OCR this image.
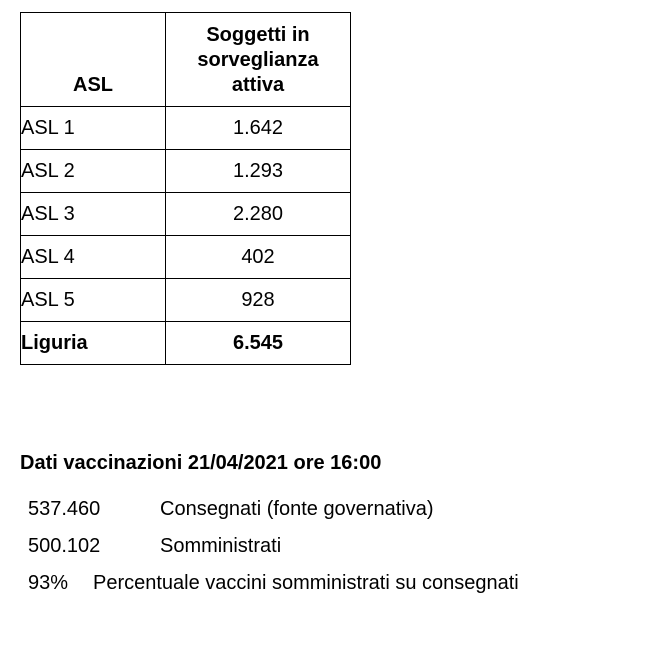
ASL	Soggetti in sorveglianza attiva
ASL 1	1.642
ASL 2	1.293
ASL 3	2.280
ASL 4	402
ASL 5	928
Liguria	6.545
Dati vaccinazioni 21/04/2021 ore 16:00
537.460	Consegnati (fonte governativa)
500.102	Somministrati
93% Percentuale vaccini somministrati su consegnati
